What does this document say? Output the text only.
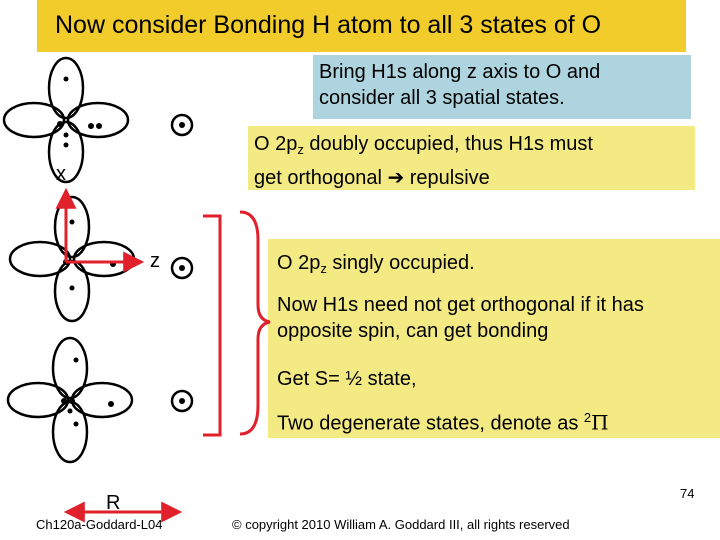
Now consider Bonding H atom to all 3 states of O
Bring H1s along z axis to O and
consider all 3 spatial states.
O $2p_z$ doubly occupied, thus H1s must
get orthogonal ➔ repulsive
O $2p_z$ singly occupied.
Now H1s need not get orthogonal if it has
opposite spin, can get bonding
Get S= ½ state,
Two degenerate states, denote as $^2$Π
x
z
R
Ch120a-Goddard-L04	© copyright 2010 William A. Goddard III, all rights reserved
74
